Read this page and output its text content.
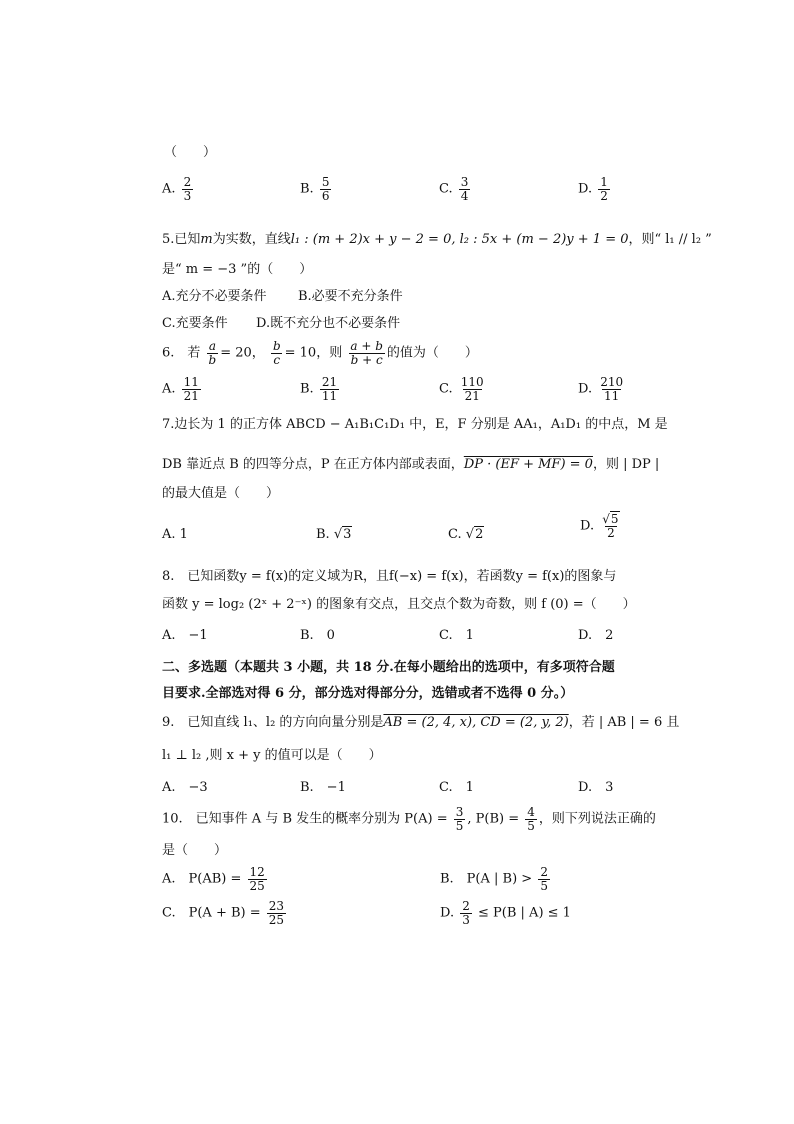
（　　）
A. $\frac{2}{3}$	B. $\frac{5}{6}$	C. $\frac{3}{4}$	D. $\frac{1}{2}$
5.已知m为实数，直线l₁ : (m + 2)x + y − 2 = 0, l₂ : 5x + (m − 2)y + 1 = 0，则“ l₁ // l₂ ”
是“ m = −3 ”的（　　）
A.充分不必要条件 B.必要不充分条件
C.充要条件 D.既不充分也不必要条件
6.　若 $\frac{a}{b} = 20$， $\frac{b}{c} = 10$，则 $\frac{a + b}{b + c}$ 的值为（　　）
A. $\frac{11}{21}$	B. $\frac{21}{11}$	C. $\frac{110}{21}$	D. $\frac{210}{11}$
7.边长为 1 的正方体 ABCD − A₁B₁C₁D₁ 中，E，F 分别是 AA₁，A₁D₁ 的中点，M 是
DB 靠近点 B 的四等分点，P 在正方体内部或表面，DP · (EF + MF) = 0，则 | DP |
的最大值是（　　）
A. 1	B. √3	C. √2
D. $\frac{√5}{2}$
8.　已知函数y = f(x)的定义域为R，且f(−x) = f(x)，若函数y = f(x)的图象与
函数 y = log₂ (2ˣ + 2⁻ˣ) 的图象有交点，且交点个数为奇数，则 f (0) =（　　）
A.　−1	B.　0	C.　1	D.　2
二、多选题（本题共 3 小题，共 18 分.在每小题给出的选项中，有多项符合题
目要求.全部选对得 6 分，部分选对得部分分，选错或者不选得 0 分。）
9.　已知直线 l₁、l₂ 的方向向量分别是AB = (2, 4, x), CD = (2, y, 2)，若 | AB | = 6 且
l₁ ⊥ l₂ ,则 x + y 的值可以是（　　）
A.　−3	B.　−1	C.　1	D.　3
10.　已知事件 A 与 B 发生的概率分别为 $P(A) = \frac{3}{5}$ , $P(B) = \frac{4}{5}$ ，则下列说法正确的
是（　　）
A.　$P(AB) = \frac{12}{25}$	B.　P(A | $B) > \frac{2}{5}$
C.　$P(A + B) = \frac{23}{25}$	D. $\frac{2}{3} \le P(B$ | A) ≤ 1
